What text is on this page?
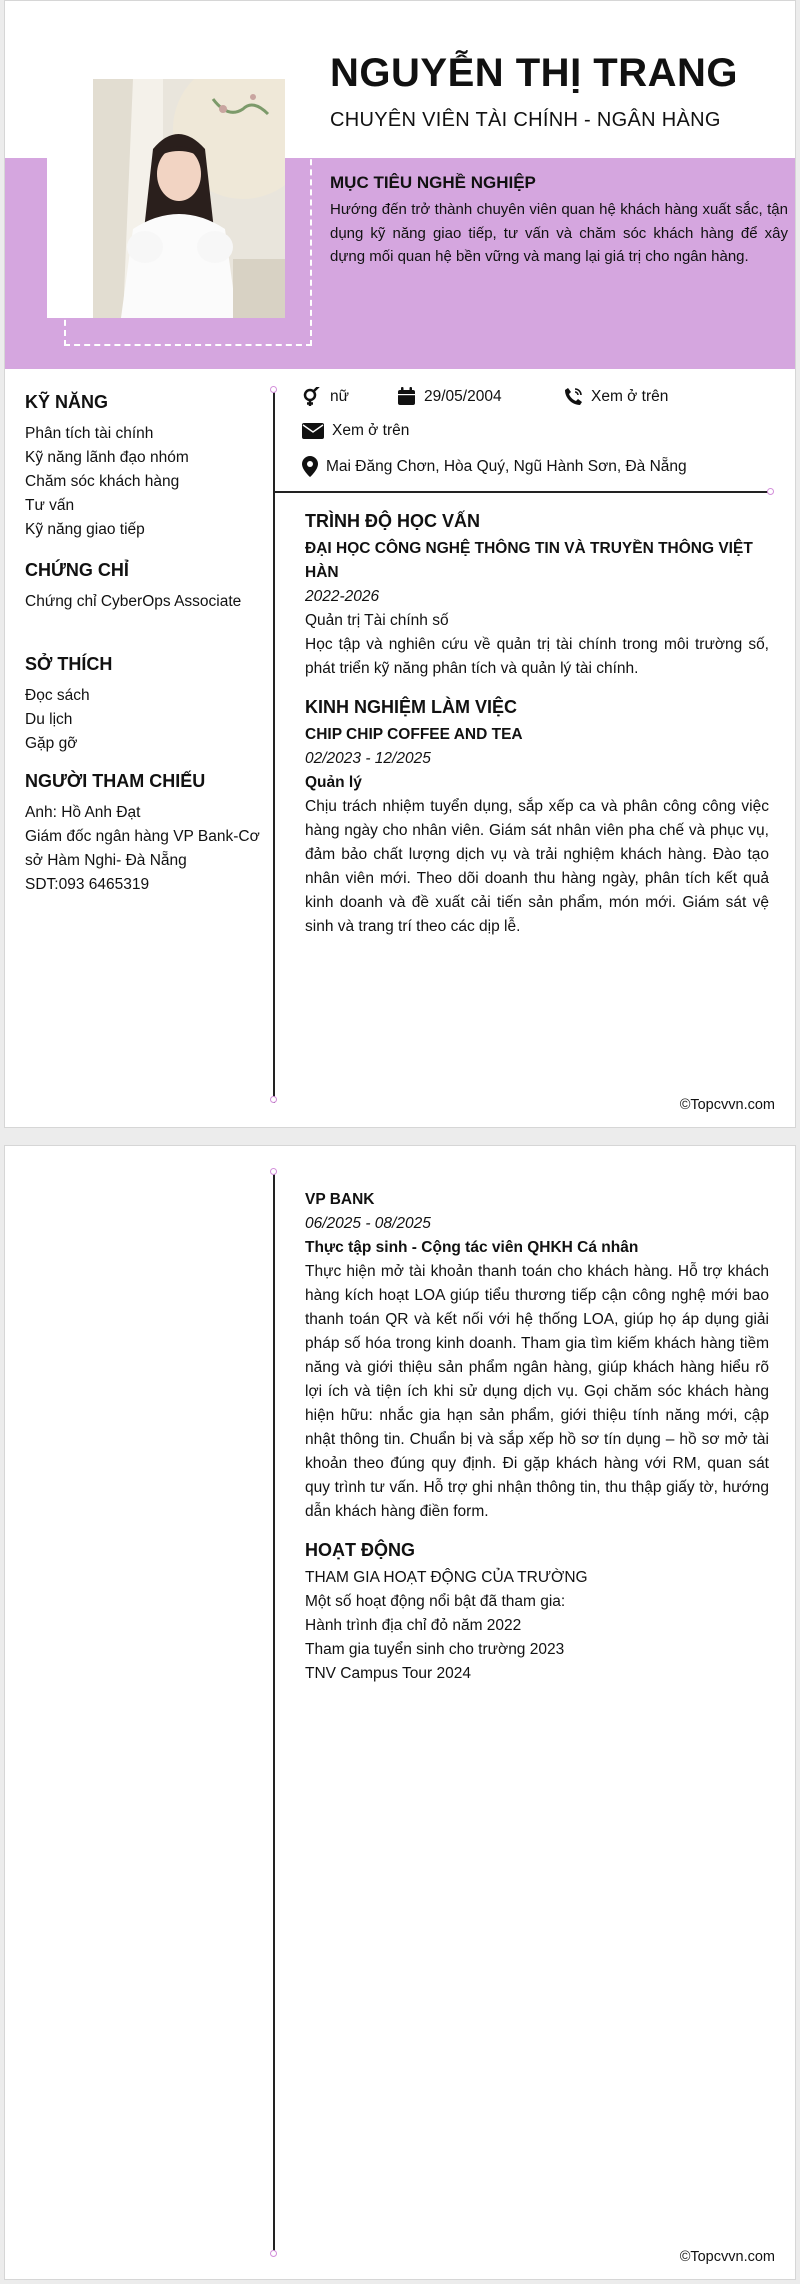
NGUYỄN THỊ TRANG
CHUYÊN VIÊN TÀI CHÍNH - NGÂN HÀNG
MỤC TIÊU NGHỀ NGHIỆP

Hướng đến trở thành chuyên viên quan hệ khách hàng xuất sắc, tận dụng kỹ năng giao tiếp, tư vấn và chăm sóc khách hàng để xây dựng mối quan hệ bền vững và mang lại giá trị cho ngân hàng.

KỸ NĂNG
Phân tích tài chính
Kỹ năng lãnh đạo nhóm
Chăm sóc khách hàng
Tư vấn
Kỹ năng giao tiếp
CHỨNG CHỈ
Chứng chỉ CyberOps Associate
SỞ THÍCH
Đọc sách
Du lịch
Gặp gỡ
NGƯỜI THAM CHIẾU
Anh: Hồ Anh Đạt
Giám đốc ngân hàng VP Bank-Cơ sở Hàm Nghi- Đà Nẵng
SDT:093 6465319
nữ	29/05/2004	Xem ở trên
Xem ở trên
Mai Đăng Chơn, Hòa Quý, Ngũ Hành Sơn, Đà Nẵng
TRÌNH ĐỘ HỌC VẤN
ĐẠI HỌC CÔNG NGHỆ THÔNG TIN VÀ TRUYỀN THÔNG VIỆT HÀN
2022-2026
Quản trị Tài chính số
Học tập và nghiên cứu về quản trị tài chính trong môi trường số, phát triển kỹ năng phân tích và quản lý tài chính.
KINH NGHIỆM LÀM VIỆC
CHIP CHIP COFFEE AND TEA
02/2023 - 12/2025
Quản lý
Chịu trách nhiệm tuyển dụng, sắp xếp ca và phân công công việc hàng ngày cho nhân viên. Giám sát nhân viên pha chế và phục vụ, đảm bảo chất lượng dịch vụ và trải nghiệm khách hàng. Đào tạo nhân viên mới. Theo dõi doanh thu hàng ngày, phân tích kết quả kinh doanh và đề xuất cải tiến sản phẩm, món mới. Giám sát vệ sinh và trang trí theo các dịp lễ.
©Topcvvn.com
VP BANK
06/2025 - 08/2025
Thực tập sinh - Cộng tác viên QHKH Cá nhân
Thực hiện mở tài khoản thanh toán cho khách hàng. Hỗ trợ khách hàng kích hoạt LOA giúp tiểu thương tiếp cận công nghệ mới bao thanh toán QR và kết nối với hệ thống LOA, giúp họ áp dụng giải pháp số hóa trong kinh doanh. Tham gia tìm kiếm khách hàng tiềm năng và giới thiệu sản phẩm ngân hàng, giúp khách hàng hiểu rõ lợi ích và tiện ích khi sử dụng dịch vụ. Gọi chăm sóc khách hàng hiện hữu: nhắc gia hạn sản phẩm, giới thiệu tính năng mới, cập nhật thông tin. Chuẩn bị và sắp xếp hồ sơ tín dụng – hồ sơ mở tài khoản theo đúng quy định. Đi gặp khách hàng với RM, quan sát quy trình tư vấn. Hỗ trợ ghi nhận thông tin, thu thập giấy tờ, hướng dẫn khách hàng điền form.
HOẠT ĐỘNG
THAM GIA HOẠT ĐỘNG CỦA TRƯỜNG
Một số hoạt động nổi bật đã tham gia:
Hành trình địa chỉ đỏ năm 2022
Tham gia tuyển sinh cho trường 2023
TNV Campus Tour 2024
©Topcvvn.com
